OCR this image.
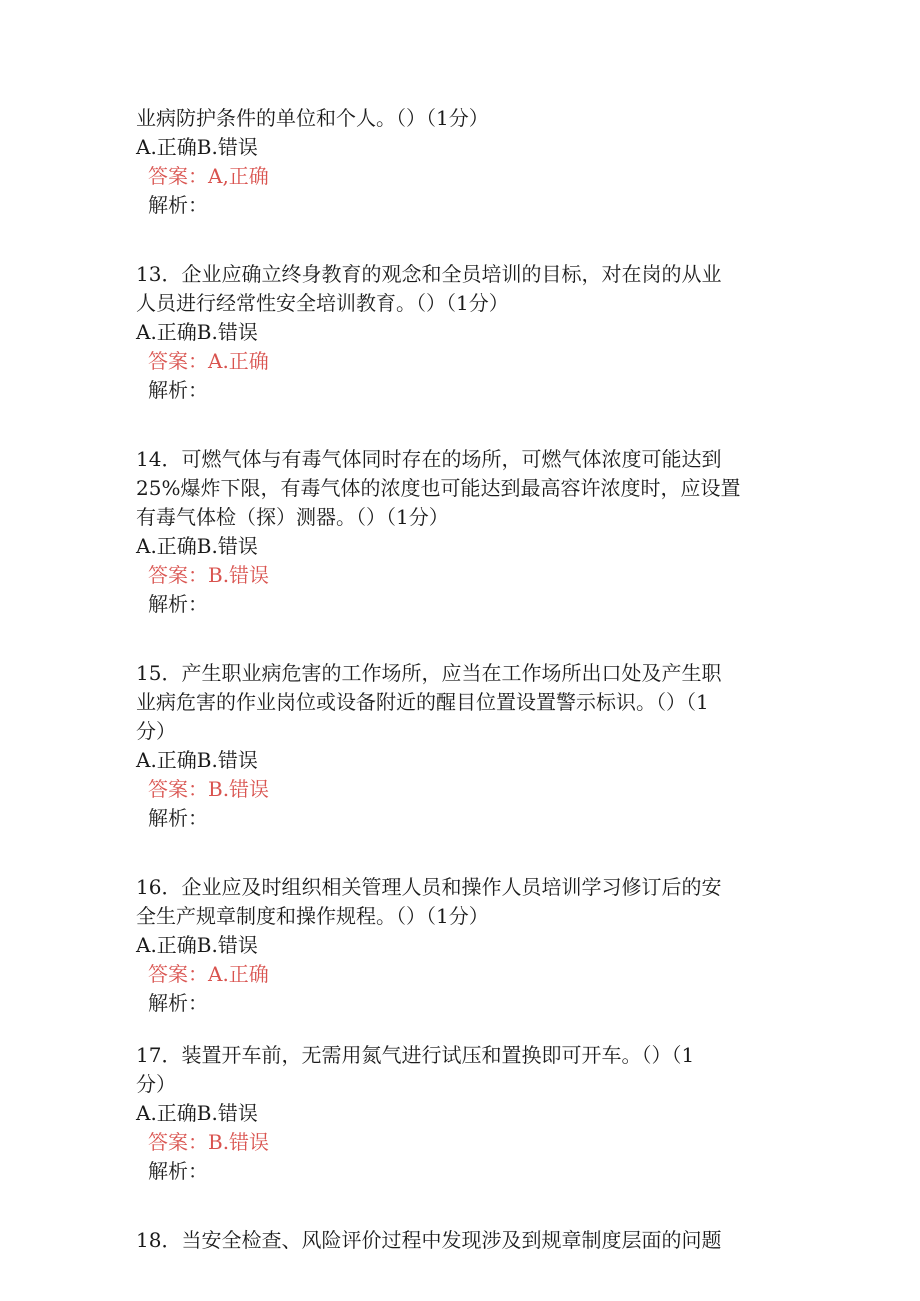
业病防护条件的单位和个人。（）（1分）
A.正确B.错误
答案：A,正确
解析：
13．企业应确立终身教育的观念和全员培训的目标，对在岗的从业
人员进行经常性安全培训教育。（）（1分）
A.正确B.错误
答案：A.正确
解析：
14．可燃气体与有毒气体同时存在的场所，可燃气体浓度可能达到
25%爆炸下限，有毒气体的浓度也可能达到最高容许浓度时，应设置
有毒气体检（探）测器。（）（1分）
A.正确B.错误
答案：B.错误
解析：
15．产生职业病危害的工作场所，应当在工作场所出口处及产生职
业病危害的作业岗位或设备附近的醒目位置设置警示标识。（）（1
分）
A.正确B.错误
答案：B.错误
解析：
16．企业应及时组织相关管理人员和操作人员培训学习修订后的安
全生产规章制度和操作规程。（）（1分）
A.正确B.错误
答案：A.正确
解析：
17．装置开车前，无需用氮气进行试压和置换即可开车。（）（1
分）
A.正确B.错误
答案：B.错误
解析：
18．当安全检查、风险评价过程中发现涉及到规章制度层面的问题
